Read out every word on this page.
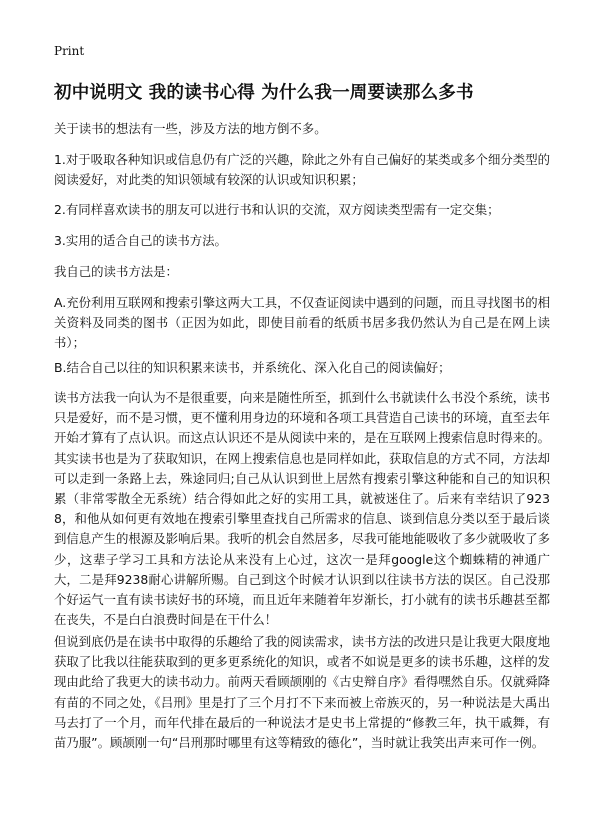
Print
初中说明文 我的读书心得 为什么我一周要读那么多书

关于读书的想法有一些，涉及方法的地方倒不多。

1.对于吸取各种知识或信息仍有广泛的兴趣，除此之外有自己偏好的某类或多个细分类型的阅读爱好，对此类的知识领域有较深的认识或知识积累；

2.有同样喜欢读书的朋友可以进行书和认识的交流，双方阅读类型需有一定交集；

3.实用的适合自己的读书方法。

我自己的读书方法是：

A.充份利用互联网和搜索引擎这两大工具，不仅查证阅读中遇到的问题，而且寻找图书的相关资料及同类的图书（正因为如此，即使目前看的纸质书居多我仍然认为自己是在网上读书）；

B.结合自己以往的知识积累来读书，并系统化、深入化自己的阅读偏好；

读书方法我一向认为不是很重要，向来是随性所至，抓到什么书就读什么书没个系统，读书只是爱好，而不是习惯，更不懂利用身边的环境和各项工具营造自己读书的环境，直至去年开始才算有了点认识。而这点认识还不是从阅读中来的，是在互联网上搜索信息时得来的。其实读书也是为了获取知识，在网上搜索信息也是同样如此，获取信息的方式不同，方法却可以走到一条路上去，殊途同归;自己从认识到世上居然有搜索引擎这种能和自己的知识积累（非常零散全无系统）结合得如此之好的实用工具，就被迷住了。后来有幸结识了9238，和他从如何更有效地在搜索引擎里查找自己所需求的信息、谈到信息分类以至于最后谈到信息产生的根源及影响后果。我听的机会自然居多，尽我可能地能吸收了多少就吸收了多少，这辈子学习工具和方法论从来没有上心过，这次一是拜google这个蜘蛛精的神通广大，二是拜9238耐心讲解所赐。自己到这个时候才认识到以往读书方法的误区。自己没那个好运气一直有读书读好书的环境，而且近年来随着年岁渐长，打小就有的读书乐趣甚至都在丧失，不是白白浪费时间是在干什么！

但说到底仍是在读书中取得的乐趣给了我的阅读需求，读书方法的改进只是让我更大限度地获取了比我以往能获取到的更多更系统化的知识，或者不如说是更多的读书乐趣，这样的发现由此给了我更大的读书动力。前两天看顾颉刚的《古史辩自序》看得嘿然自乐。仅就舜降有苗的不同之处，《吕刑》里是打了三个月打不下来而被上帝族灭的，另一种说法是大禹出马去打了一个月，而年代排在最后的一种说法才是史书上常提的“修教三年，执干戚舞，有苗乃服”。顾颉刚一句“吕刑那时哪里有这等精致的德化”，当时就让我笑出声来可作一例。
